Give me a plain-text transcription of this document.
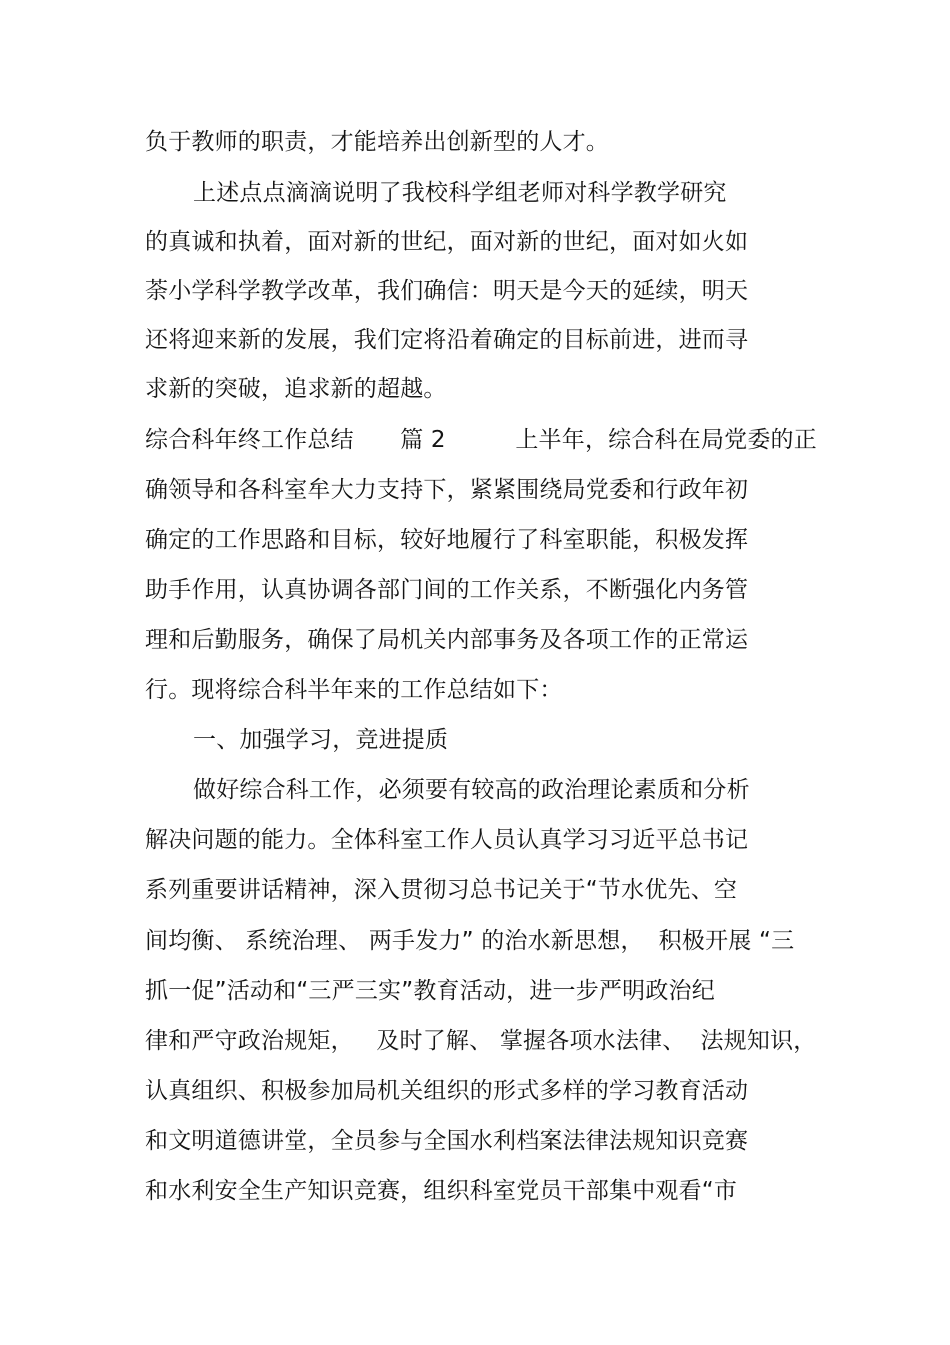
负于教师的职责，才能培养出创新型的人才。
上述点点滴滴说明了我校科学组老师对科学教学研究
的真诚和执着，面对新的世纪，面对新的世纪，面对如火如
荼小学科学教学改革，我们确信：明天是今天的延续，明天
还将迎来新的发展，我们定将沿着确定的目标前进，进而寻
求新的突破，追求新的超越。
综合科年终工作总结　　篇 2　　　上半年，综合科在局党委的正
确领导和各科室牟大力支持下，紧紧围绕局党委和行政年初
确定的工作思路和目标，较好地履行了科室职能，积极发挥
助手作用，认真协调各部门间的工作关系，不断强化内务管
理和后勤服务，确保了局机关内部事务及各项工作的正常运
行。现将综合科半年来的工作总结如下：
一、加强学习，竞进提质
做好综合科工作，必须要有较高的政治理论素质和分析
解决问题的能力。全体科室工作人员认真学习习近平总书记
系列重要讲话精神，深入贯彻习总书记关于“节水优先、空
间均衡、 系统治理、 两手发力” 的治水新思想，  积极开展 “三
抓一促”活动和“三严三实”教育活动，进一步严明政治纪
律和严守政治规矩，   及时了解、 掌握各项水法律、  法规知识，
认真组织、积极参加局机关组织的形式多样的学习教育活动
和文明道德讲堂，全员参与全国水利档案法律法规知识竞赛
和水利安全生产知识竞赛，组织科室党员干部集中观看“市
